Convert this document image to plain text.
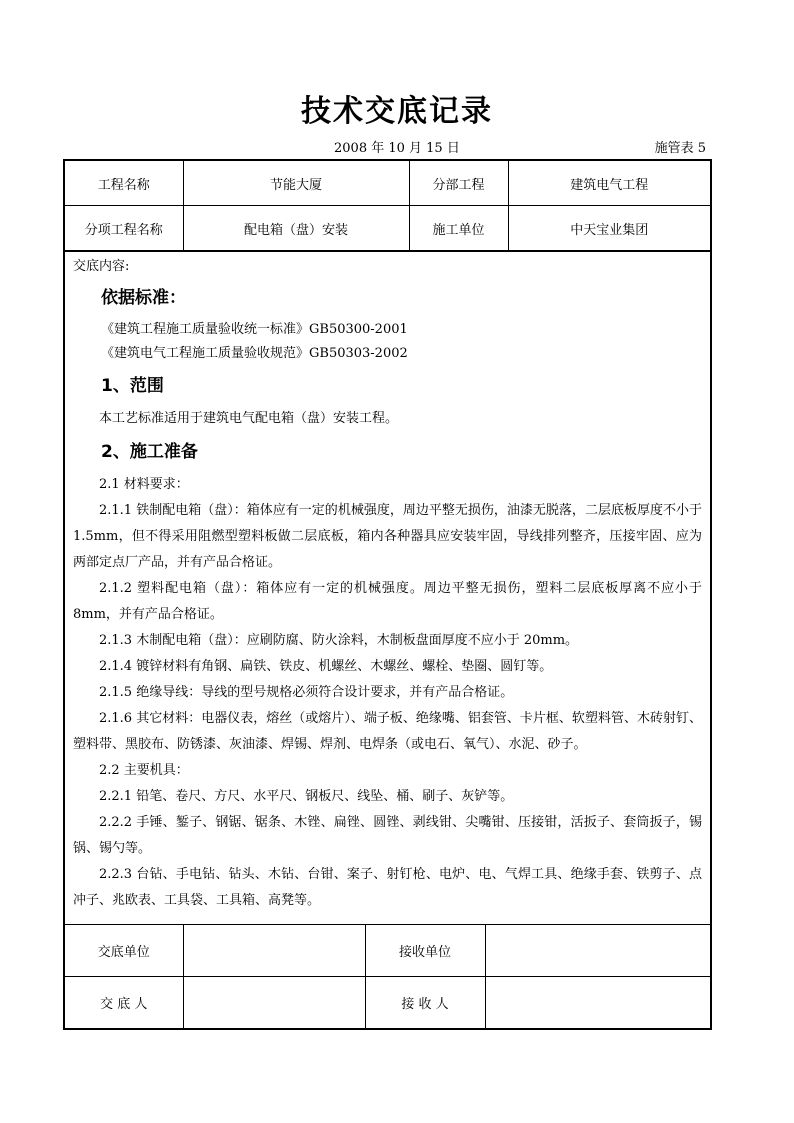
技术交底记录
2008 年 10 月 15 日	施管表 5
工程名称	节能大厦	分部工程	建筑电气工程
分项工程名称	配电箱（盘）安装	施工单位	中天宝业集团
交底内容:
依据标准：
《建筑工程施工质量验收统一标准》GB50300-2001
《建筑电气工程施工质量验收规范》GB50303-2002
1、范围

本工艺标准适用于建筑电气配电箱（盘）安装工程。

2、施工准备

2.1 材料要求：

2.1.1 铁制配电箱（盘）：箱体应有一定的机械强度，周边平整无损伤，油漆无脱落，二层底板厚度不小于 1.5mm，但不得采用阻燃型塑料板做二层底板，箱内各种器具应安装牢固，导线排列整齐，压接牢固、应为两部定点厂产品，并有产品合格证。

2.1.2 塑料配电箱（盘）：箱体应有一定的机械强度。周边平整无损伤，塑料二层底板厚离不应小于 8mm，并有产品合格证。

2.1.3 木制配电箱（盘）：应刷防腐、防火涂料，木制板盘面厚度不应小于 20mm。

2.1.4 镀锌材料有角钢、扁铁、铁皮、机螺丝、木螺丝、螺栓、垫圈、圆钉等。

2.1.5 绝缘导线：导线的型号规格必须符合设计要求，并有产品合格证。

2.1.6 其它材料：电器仪表，熔丝（或熔片）、端子板、绝缘嘴、铝套管、卡片框、软塑料管、木砖射钉、塑料带、黑胶布、防锈漆、灰油漆、焊锡、焊剂、电焊条（或电石、氧气）、水泥、砂子。

2.2 主要机具：

2.2.1 铅笔、卷尺、方尺、水平尺、钢板尺、线坠、桶、刷子、灰铲等。

2.2.2 手锤、錾子、钢锯、锯条、木锉、扁锉、圆锉、剥线钳、尖嘴钳、压接钳，活扳子、套筒扳子，锡锅、锡勺等。

2.2.3 台钻、手电钻、钻头、木钻、台钳、案子、射钉枪、电炉、电、气焊工具、绝缘手套、铁剪子、点冲子、兆欧表、工具袋、工具箱、高凳等。

交底单位		接收单位	
交 底 人		接 收 人	
